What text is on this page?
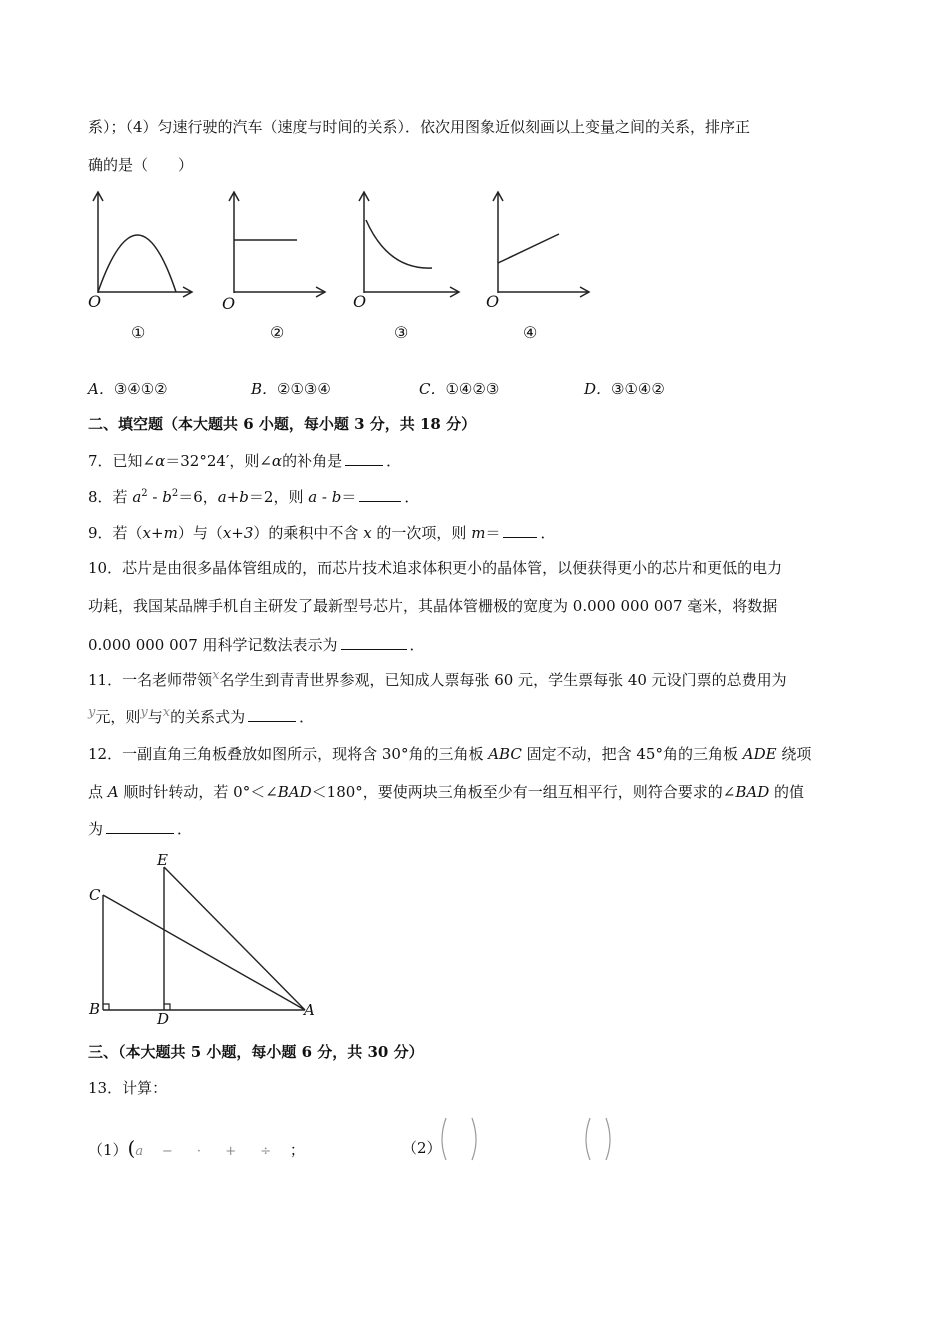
系）；（4）匀速行驶的汽车（速度与时间的关系）．依次用图象近似刻画以上变量之间的关系，排序正
确的是（　　）
O
①
O
②
O
③
O
④
A．③④①②	B．②①③④	C．①④②③	D．③①④②
二、填空题（本大题共 6 小题，每小题 3 分，共 18 分）
7．已知∠α＝32°24′，则∠α的补角是	．
8．若 $a^2 - b^2=6$，a+b＝2，则 a - b＝	．
9．若（x+m）与（x+3）的乘积中不含 x 的一次项，则 m＝	．
10．芯片是由很多晶体管组成的，而芯片技术追求体积更小的晶体管，以便获得更小的芯片和更低的电力
功耗，我国某品牌手机自主研发了最新型号芯片，其晶体管栅极的宽度为 0.000 000 007 毫米，将数据
0.000 000 007 用科学记数法表示为	．
11．一名老师带领$^x$名学生到青青世界参观，已知成人票每张 60 元，学生票每张 40 元设门票的总费用为
$^y$元，则$^y$与$^x$的关系式为	．
12．一副直角三角板叠放如图所示，现将含 30°角的三角板 ABC 固定不动，把含 45°角的三角板 ADE 绕项
点 A 顺时针转动，若 0°＜∠BAD＜180°，要使两块三角板至少有一组互相平行，则符合要求的∠BAD 的值
为	．
E
C
B
D	A
三、（本大题共 5 小题，每小题 6 分，共 30 分）
13．计算：
（1）(a − · + ÷ ；	（2）
